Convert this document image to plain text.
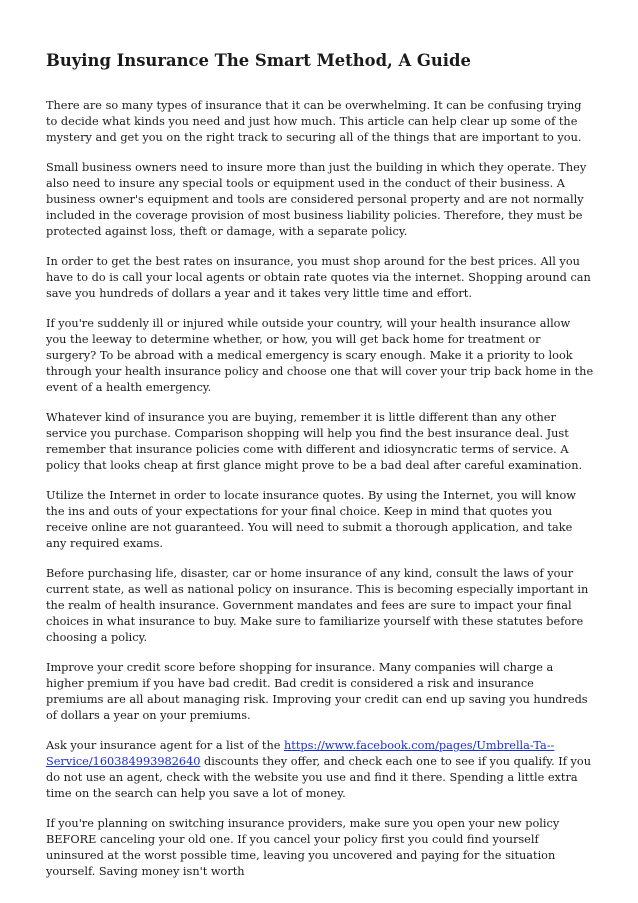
Buying Insurance The Smart Method, A Guide

There are so many types of insurance that it can be overwhelming. It can be confusing trying to decide what kinds you need and just how much. This article can help clear up some of the mystery and get you on the right track to securing all of the things that are important to you.

Small business owners need to insure more than just the building in which they operate. They also need to insure any special tools or equipment used in the conduct of their business. A business owner's equipment and tools are considered personal property and are not normally included in the coverage provision of most business liability policies. Therefore, they must be protected against loss, theft or damage, with a separate policy.

In order to get the best rates on insurance, you must shop around for the best prices. All you have to do is call your local agents or obtain rate quotes via the internet. Shopping around can save you hundreds of dollars a year and it takes very little time and effort.

If you're suddenly ill or injured while outside your country, will your health insurance allow you the leeway to determine whether, or how, you will get back home for treatment or surgery? To be abroad with a medical emergency is scary enough. Make it a priority to look through your health insurance policy and choose one that will cover your trip back home in the event of a health emergency.

Whatever kind of insurance you are buying, remember it is little different than any other service you purchase. Comparison shopping will help you find the best insurance deal. Just remember that insurance policies come with different and idiosyncratic terms of service. A policy that looks cheap at first glance might prove to be a bad deal after careful examination.

Utilize the Internet in order to locate insurance quotes. By using the Internet, you will know the ins and outs of your expectations for your final choice. Keep in mind that quotes you receive online are not guaranteed. You will need to submit a thorough application, and take any required exams.

Before purchasing life, disaster, car or home insurance of any kind, consult the laws of your current state, as well as national policy on insurance. This is becoming especially important in the realm of health insurance. Government mandates and fees are sure to impact your final choices in what insurance to buy. Make sure to familiarize yourself with these statutes before choosing a policy.

Improve your credit score before shopping for insurance. Many companies will charge a higher premium if you have bad credit. Bad credit is considered a risk and insurance premiums are all about managing risk. Improving your credit can end up saving you hundreds of dollars a year on your premiums.

Ask your insurance agent for a list of the https://www.facebook.com/pages/Umbrella-Ta--Service/160384993982640 discounts they offer, and check each one to see if you qualify. If you do not use an agent, check with the website you use and find it there. Spending a little extra time on the search can help you save a lot of money.

If you're planning on switching insurance providers, make sure you open your new policy BEFORE canceling your old one. If you cancel your policy first you could find yourself uninsured at the worst possible time, leaving you uncovered and paying for the situation yourself. Saving money isn't worth
